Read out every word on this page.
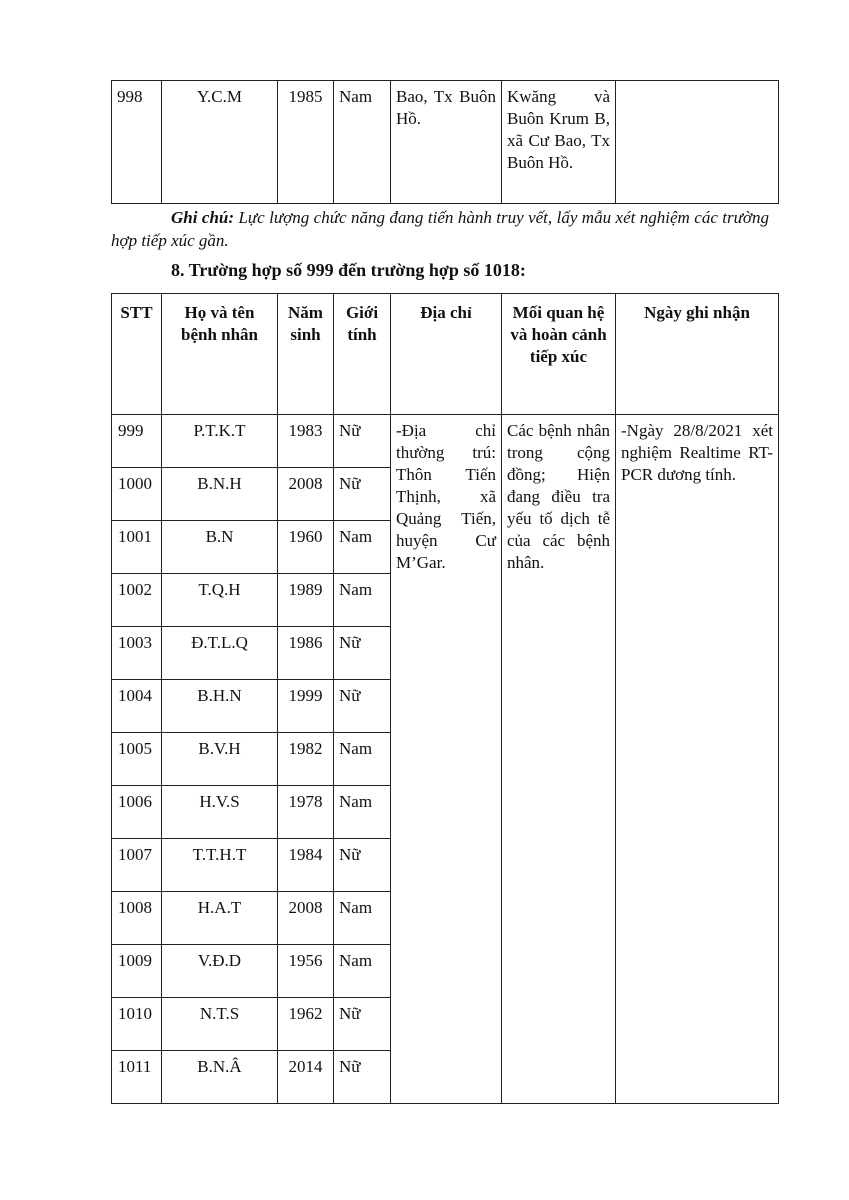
998	Y.C.M	1985	Nam	Bao, Tx Buôn Hồ.	Kwăng và Buôn Krum B, xã Cư Bao, Tx Buôn Hồ.	

Ghi chú: Lực lượng chức năng đang tiến hành truy vết, lấy mẫu xét nghiệm các trường hợp tiếp xúc gần.

8. Trường hợp số 999 đến trường hợp số 1018:

STT	Họ và tên bệnh nhân	Năm sinh	Giới tính	Địa chỉ	Mối quan hệ và hoàn cảnh tiếp xúc	Ngày ghi nhận
999	P.T.K.T	1983	Nữ	-Địa chỉ thường trú: Thôn Tiến Thịnh, xã Quảng Tiến, huyện Cư M’Gar.	Các bệnh nhân trong cộng đồng; Hiện đang điều tra yếu tố dịch tễ của các bệnh nhân.	-Ngày 28/8/2021 xét nghiệm Realtime RT-PCR dương tính.
1000	B.N.H	2008	Nữ			
1001	B.N	1960	Nam			
1002	T.Q.H	1989	Nam			
1003	Đ.T.L.Q	1986	Nữ			
1004	B.H.N	1999	Nữ			
1005	B.V.H	1982	Nam			
1006	H.V.S	1978	Nam			
1007	T.T.H.T	1984	Nữ			
1008	H.A.T	2008	Nam			
1009	V.Đ.D	1956	Nam			
1010	N.T.S	1962	Nữ			
1011	B.N.Â	2014	Nữ			
